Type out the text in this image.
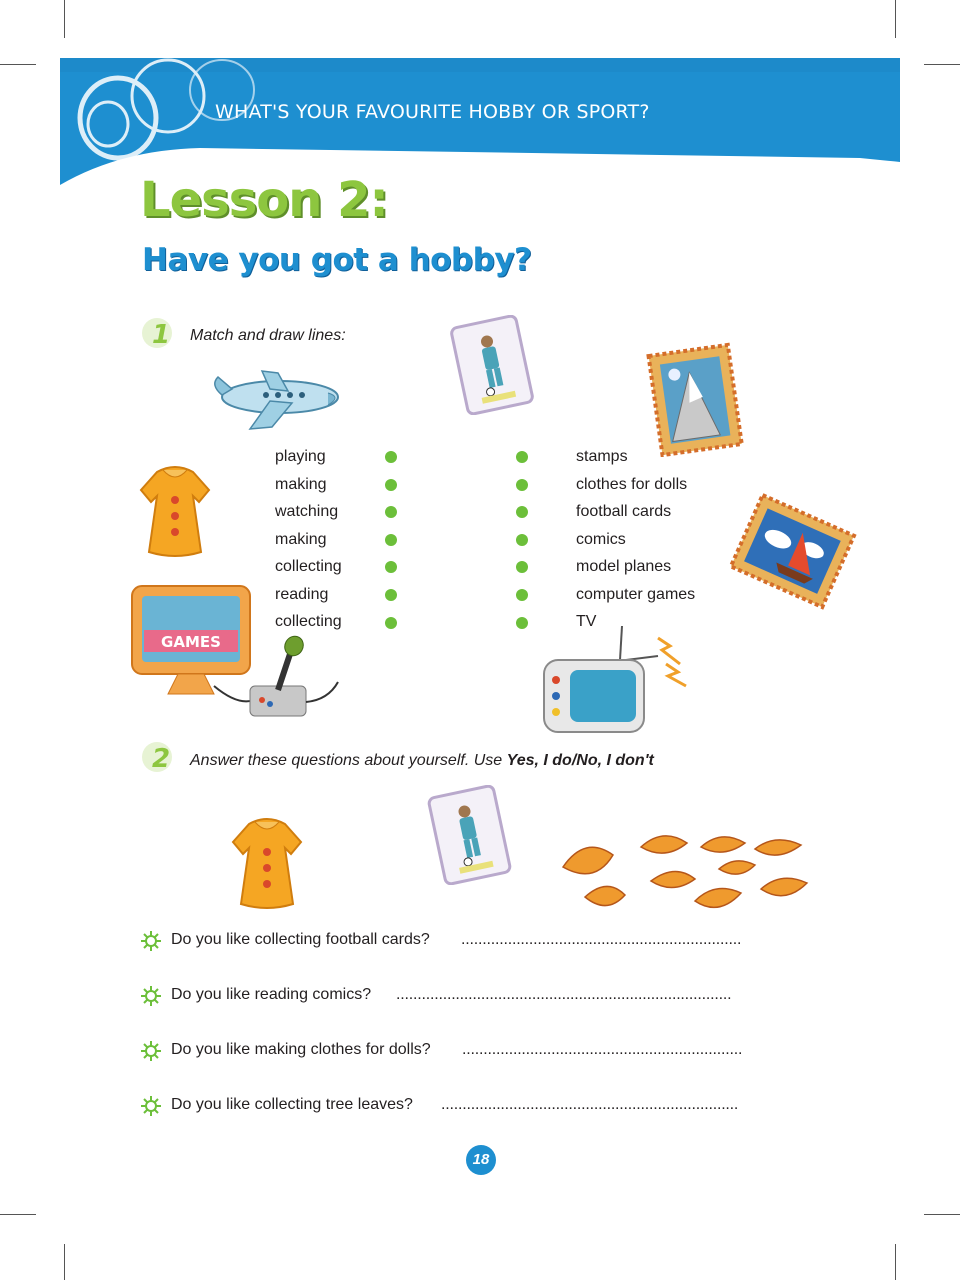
WHAT'S YOUR FAVOURITE HOBBY OR SPORT?
Lesson 2:
Have you got a hobby?
1	Match and draw lines:
playing
making
watching
making
collecting
reading
collecting
stamps
clothes for dolls
football cards
comics
model planes
computer games
TV
GAMES
2	Answer these questions about yourself. Use Yes, I do/No, I don't
Do you like collecting football cards? ..................................................................
Do you like reading comics? ...............................................................................
Do you like making clothes for dolls? ..................................................................
Do you like collecting tree leaves? ......................................................................
18
